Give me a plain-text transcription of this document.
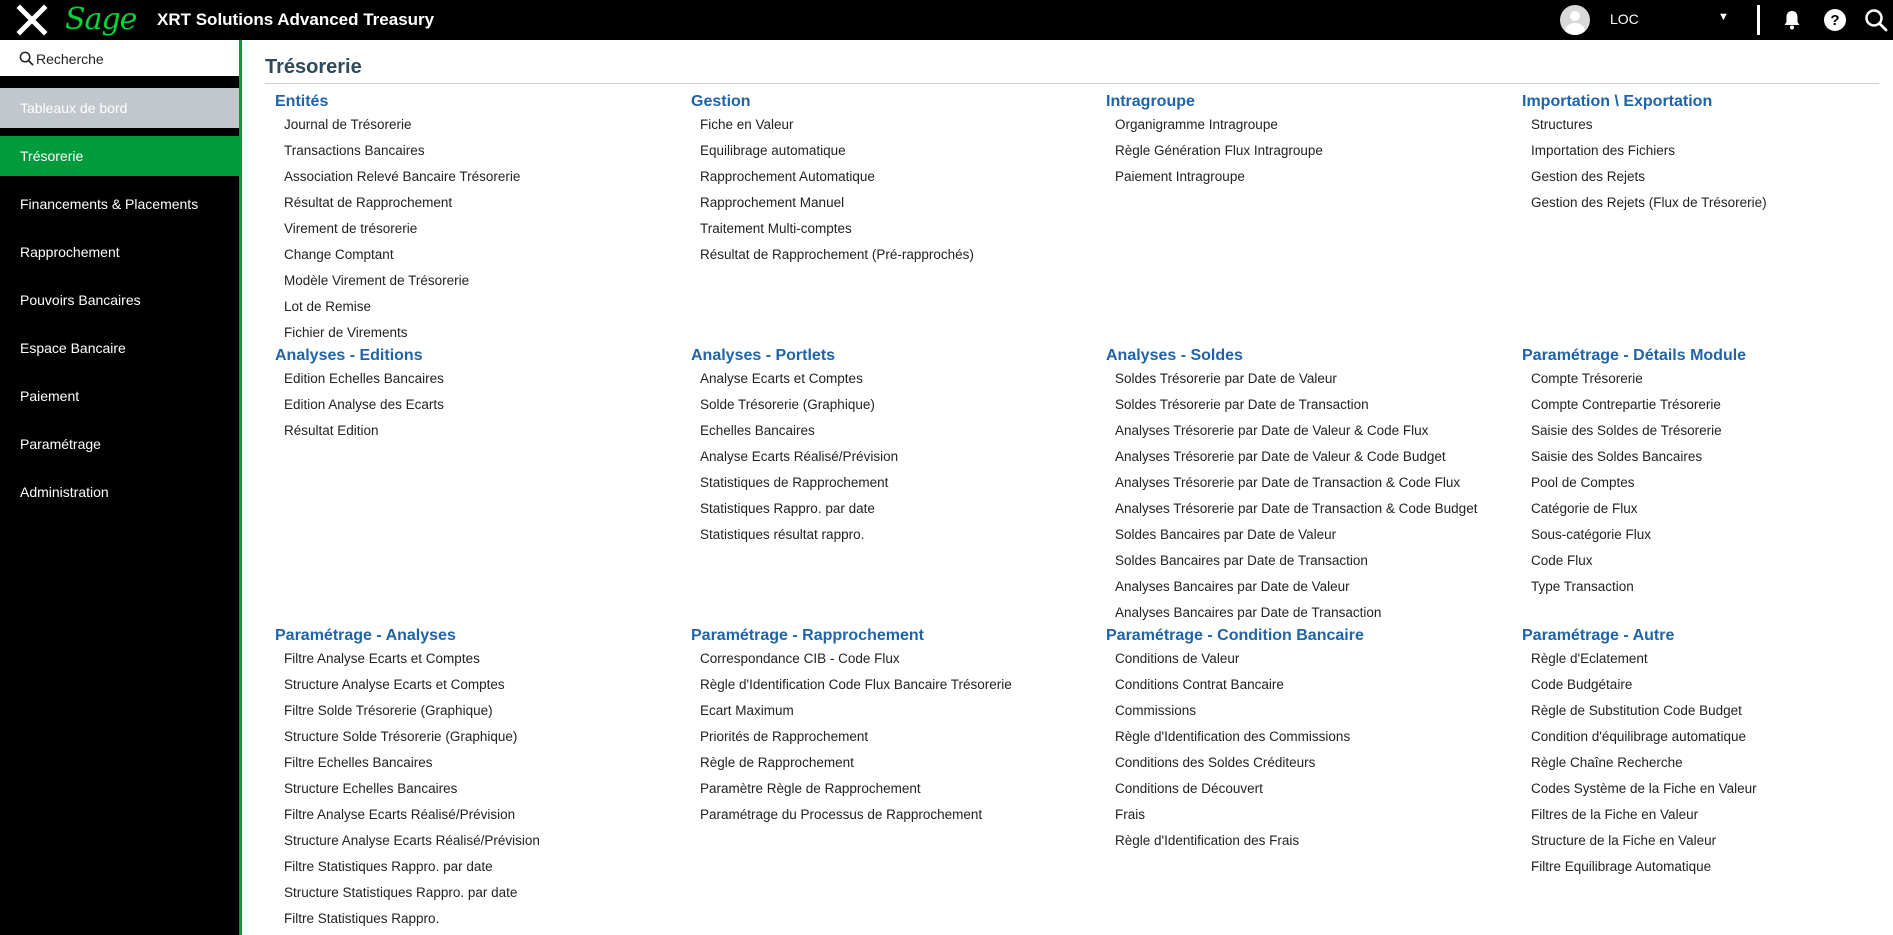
Sage XRT Solutions Advanced Treasury	LOC	▼	?
Recherche
Tableaux de bord
Trésorerie
Financements & Placements
Rapprochement
Pouvoirs Bancaires
Espace Bancaire
Paiement
Paramétrage
Administration
Trésorerie
Entités
Journal de Trésorerie
Transactions Bancaires
Association Relevé Bancaire Trésorerie
Résultat de Rapprochement
Virement de trésorerie
Change Comptant
Modèle Virement de Trésorerie
Lot de Remise
Fichier de Virements
Gestion
Fiche en Valeur
Equilibrage automatique
Rapprochement Automatique
Rapprochement Manuel
Traitement Multi-comptes
Résultat de Rapprochement (Pré-rapprochés)
Intragroupe
Organigramme Intragroupe
Règle Génération Flux Intragroupe
Paiement Intragroupe
Importation \ Exportation
Structures
Importation des Fichiers
Gestion des Rejets
Gestion des Rejets (Flux de Trésorerie)
Analyses - Editions
Edition Echelles Bancaires
Edition Analyse des Ecarts
Résultat Edition
Analyses - Portlets
Analyse Ecarts et Comptes
Solde Trésorerie (Graphique)
Echelles Bancaires
Analyse Ecarts Réalisé/Prévision
Statistiques de Rapprochement
Statistiques Rappro. par date
Statistiques résultat rappro.
Analyses - Soldes
Soldes Trésorerie par Date de Valeur
Soldes Trésorerie par Date de Transaction
Analyses Trésorerie par Date de Valeur & Code Flux
Analyses Trésorerie par Date de Valeur & Code Budget
Analyses Trésorerie par Date de Transaction & Code Flux
Analyses Trésorerie par Date de Transaction & Code Budget
Soldes Bancaires par Date de Valeur
Soldes Bancaires par Date de Transaction
Analyses Bancaires par Date de Valeur
Analyses Bancaires par Date de Transaction
Paramétrage - Détails Module
Compte Trésorerie
Compte Contrepartie Trésorerie
Saisie des Soldes de Trésorerie
Saisie des Soldes Bancaires
Pool de Comptes
Catégorie de Flux
Sous-catégorie Flux
Code Flux
Type Transaction
Paramétrage - Analyses
Filtre Analyse Ecarts et Comptes
Structure Analyse Ecarts et Comptes
Filtre Solde Trésorerie (Graphique)
Structure Solde Trésorerie (Graphique)
Filtre Echelles Bancaires
Structure Echelles Bancaires
Filtre Analyse Ecarts Réalisé/Prévision
Structure Analyse Ecarts Réalisé/Prévision
Filtre Statistiques Rappro. par date
Structure Statistiques Rappro. par date
Filtre Statistiques Rappro.
Paramétrage - Rapprochement
Correspondance CIB - Code Flux
Règle d'Identification Code Flux Bancaire Trésorerie
Ecart Maximum
Priorités de Rapprochement
Règle de Rapprochement
Paramètre Règle de Rapprochement
Paramétrage du Processus de Rapprochement
Paramétrage - Condition Bancaire
Conditions de Valeur
Conditions Contrat Bancaire
Commissions
Règle d'Identification des Commissions
Conditions des Soldes Créditeurs
Conditions de Découvert
Frais
Règle d'Identification des Frais
Paramétrage - Autre
Règle d'Eclatement
Code Budgétaire
Règle de Substitution Code Budget
Condition d'équilibrage automatique
Règle Chaîne Recherche
Codes Système de la Fiche en Valeur
Filtres de la Fiche en Valeur
Structure de la Fiche en Valeur
Filtre Equilibrage Automatique
